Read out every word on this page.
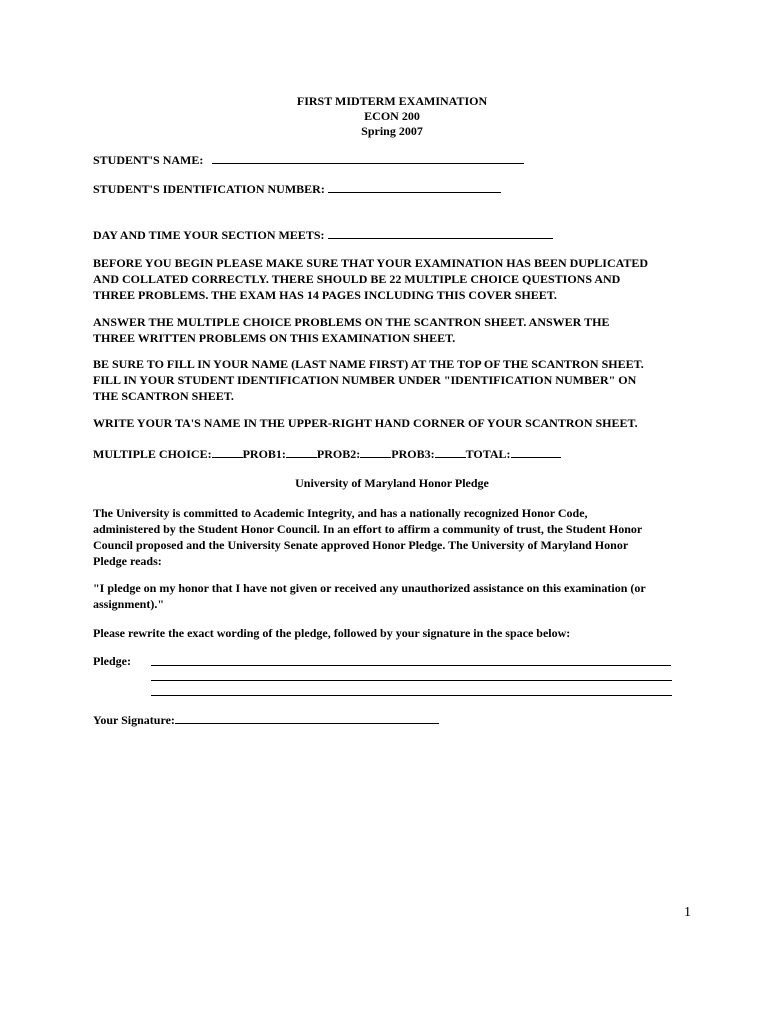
FIRST MIDTERM EXAMINATION
ECON 200
Spring 2007
STUDENT'S NAME:
STUDENT'S IDENTIFICATION NUMBER:
DAY AND TIME YOUR SECTION MEETS:
BEFORE YOU BEGIN PLEASE MAKE SURE THAT YOUR EXAMINATION HAS BEEN DUPLICATED
AND COLLATED CORRECTLY. THERE SHOULD BE 22 MULTIPLE CHOICE QUESTIONS AND
THREE PROBLEMS. THE EXAM HAS 14 PAGES INCLUDING THIS COVER SHEET.
ANSWER THE MULTIPLE CHOICE PROBLEMS ON THE SCANTRON SHEET. ANSWER THE
THREE WRITTEN PROBLEMS ON THIS EXAMINATION SHEET.
BE SURE TO FILL IN YOUR NAME (LAST NAME FIRST) AT THE TOP OF THE SCANTRON SHEET.
FILL IN YOUR STUDENT IDENTIFICATION NUMBER UNDER "IDENTIFICATION NUMBER" ON
THE SCANTRON SHEET.
WRITE YOUR TA'S NAME IN THE UPPER-RIGHT HAND CORNER OF YOUR SCANTRON SHEET.
MULTIPLE CHOICE:	PROB1:	PROB2:	PROB3:	TOTAL:
University of Maryland Honor Pledge
The University is committed to Academic Integrity, and has a nationally recognized Honor Code,
administered by the Student Honor Council. In an effort to affirm a community of trust, the Student Honor
Council proposed and the University Senate approved Honor Pledge. The University of Maryland Honor
Pledge reads:
"I pledge on my honor that I have not given or received any unauthorized assistance on this examination (or
assignment)."
Please rewrite the exact wording of the pledge, followed by your signature in the space below:
Pledge:
Your Signature:
1
